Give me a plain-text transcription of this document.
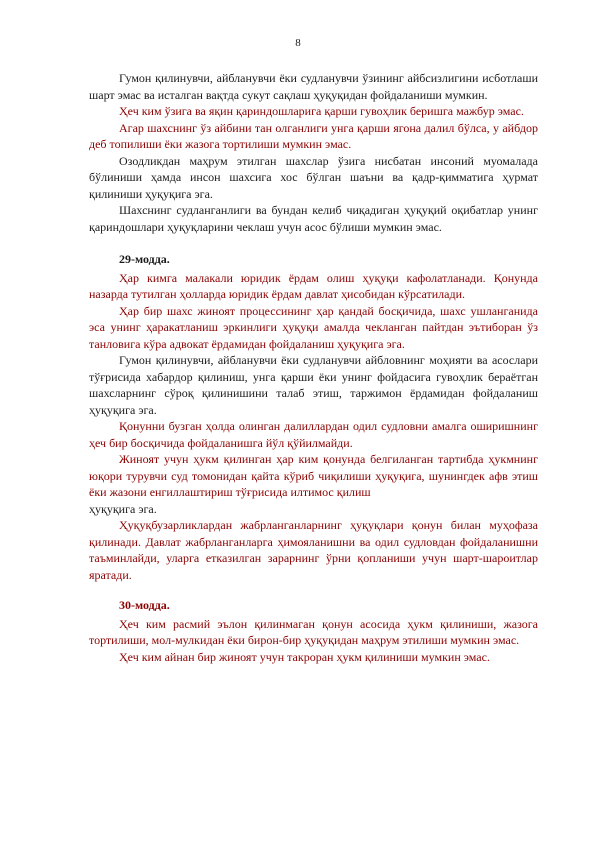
8

Гумон қилинувчи, айбланувчи ёки судланувчи ўзининг айбсизлигини исботлаши шарт эмас ва исталган вақтда сукут сақлаш ҳуқуқидан фойдаланиши мумкин.

Ҳеч ким ўзига ва яқин қариндошларига қарши гувоҳлик беришга мажбур эмас.

Агар шахснинг ўз айбини тан олганлиги унга қарши ягона далил бўлса, у айбдор деб топилиши ёки жазога тортилиши мумкин эмас.

Озодликдан маҳрум этилган шахслар ўзига нисбатан инсоний муомалада бўлиниши ҳамда инсон шахсига хос бўлган шаъни ва қадр-қимматига ҳурмат қилиниши ҳуқуқига эга.

Шахснинг судланганлиги ва бундан келиб чиқадиган ҳуқуқий оқибатлар унинг қариндошлари ҳуқуқларини чеклаш учун асос бўлиши мумкин эмас.

29-модда.

Ҳар кимга малакали юридик ёрдам олиш ҳуқуқи кафолатланади. Қонунда назарда тутилган ҳолларда юридик ёрдам давлат ҳисобидан кўрсатилади.

Ҳар бир шахс жиноят процессининг ҳар қандай босқичида, шахс ушланганида эса унинг ҳаракатланиш эркинлиги ҳуқуқи амалда чекланган пайтдан эътиборан ўз танловига кўра адвокат ёрдамидан фойдаланиш ҳуқуқига эга.

Гумон қилинувчи, айбланувчи ёки судланувчи айбловнинг моҳияти ва асослари тўғрисида хабардор қилиниш, унга қарши ёки унинг фойдасига гувоҳлик бераётган шахсларнинг сўроқ қилинишини талаб этиш, таржимон ёрдамидан фойдаланиш ҳуқуқига эга.

Қонунни бузган ҳолда олинган далиллардан одил судловни амалга оширишнинг ҳеч бир босқичида фойдаланишга йўл қўйилмайди.

Жиноят учун ҳукм қилинган ҳар ким қонунда белгиланган тартибда ҳукмнинг юқори турувчи суд томонидан қайта кўриб чиқилиши ҳуқуқига, шунингдек афв этиш ёки жазони енгиллаштириш тўғрисида илтимос қилиш

ҳуқуқига эга.

Ҳуқуқбузарликлардан жабрланганларнинг ҳуқуқлари қонун билан муҳофаза қилинади. Давлат жабрланганларга ҳимояланишни ва одил судловдан фойдаланишни таъминлайди, уларга етказилган зарарнинг ўрни қопланиши учун шарт-шароитлар яратади.

30-модда.

Ҳеч ким расмий эълон қилинмаган қонун асосида ҳукм қилиниши, жазога тортилиши, мол-мулкидан ёки бирон-бир ҳуқуқидан маҳрум этилиши мумкин эмас.

Ҳеч ким айнан бир жиноят учун такроран ҳукм қилиниши мумкин эмас.
